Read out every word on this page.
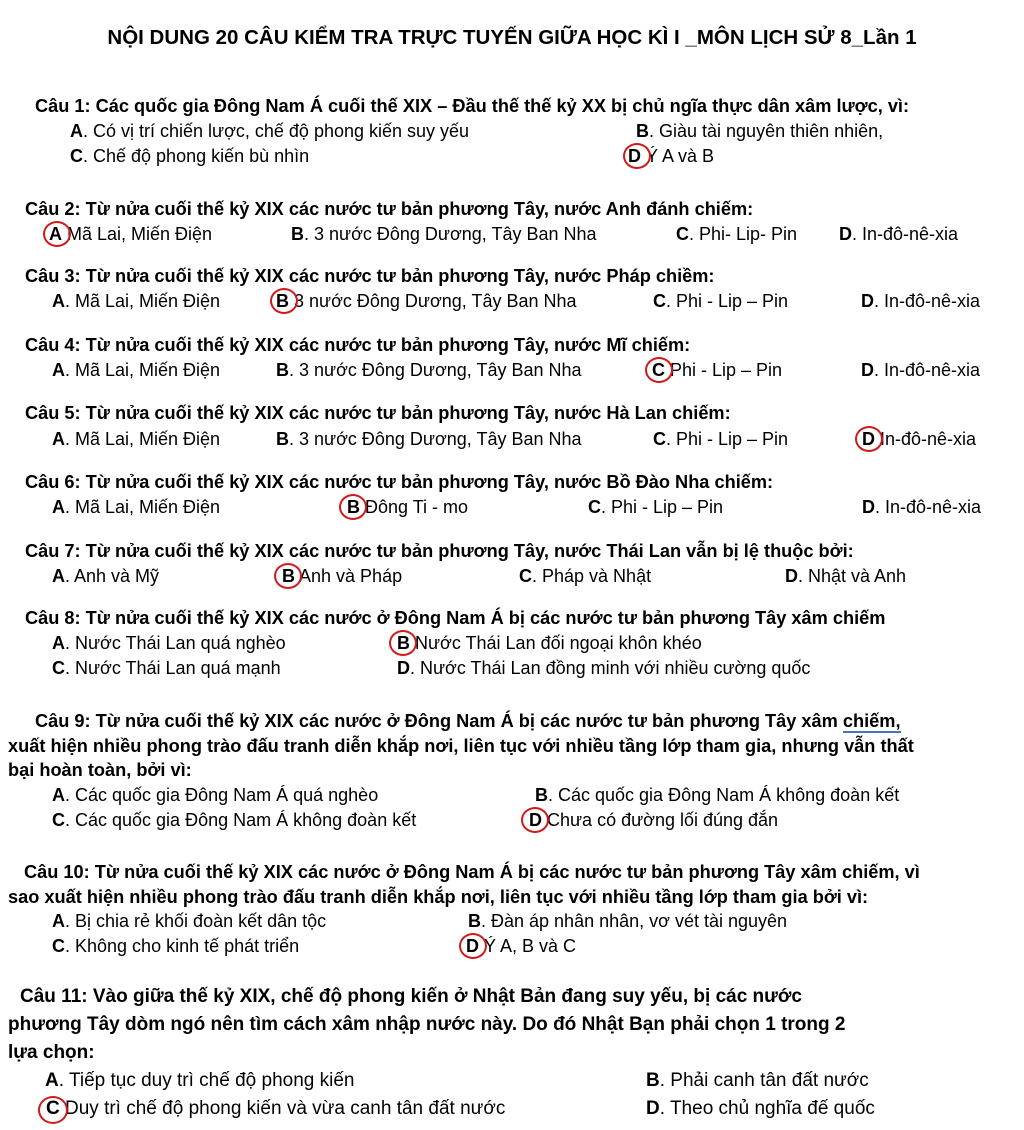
NỘI DUNG 20 CÂU KIỂM TRA TRỰC TUYẾN GIỮA HỌC KÌ I _MÔN LỊCH SỬ 8_Lần 1
Câu 1: Các quốc gia Đông Nam Á cuối thế XIX – Đầu thế thế kỷ XX bị chủ ngĩa thực dân xâm lược, vì:
A. Có vị trí chiến lược, chế độ phong kiến suy yếu	B. Giàu tài nguyên thiên nhiên,
C. Chế độ phong kiến bù nhìn	D Ý A và B
Câu 2: Từ nửa cuối thế kỷ XIX các nước tư bản phương Tây, nước Anh đánh chiếm:
A Mã Lai, Miến Điện	B. 3 nước Đông Dương, Tây Ban Nha	C. Phi- Lip- Pin D. In-đô-nê-xia
Câu 3: Từ nửa cuối thế kỷ XIX các nước tư bản phương Tây, nước Pháp chiềm:
A. Mã Lai, Miến Điện	B 3 nước Đông Dương, Tây Ban Nha	C. Phi - Lip – Pin	D. In-đô-nê-xia
Câu 4: Từ nửa cuối thế kỷ XIX các nước tư bản phương Tây, nước Mĩ chiếm:
A. Mã Lai, Miến Điện	B. 3 nước Đông Dương, Tây Ban Nha	C Phi - Lip – Pin	D. In-đô-nê-xia
Câu 5: Từ nửa cuối thế kỷ XIX các nước tư bản phương Tây, nước Hà Lan chiếm:
A. Mã Lai, Miến Điện	B. 3 nước Đông Dương, Tây Ban Nha	C. Phi - Lip – Pin	D In-đô-nê-xia
Câu 6: Từ nửa cuối thế kỷ XIX các nước tư bản phương Tây, nước Bồ Đào Nha chiếm:
A. Mã Lai, Miến Điện	B Đông Ti - mo	C. Phi - Lip – Pin	D. In-đô-nê-xia
Câu 7: Từ nửa cuối thế kỷ XIX các nước tư bản phương Tây, nước Thái Lan vẫn bị lệ thuộc bởi:
A. Anh và Mỹ	B Anh và Pháp	C. Pháp và Nhật	D. Nhật và Anh
Câu 8: Từ nửa cuối thế kỷ XIX các nước ở Đông Nam Á bị các nước tư bản phương Tây xâm chiếm
A. Nước Thái Lan quá nghèo	B Nước Thái Lan đối ngoại khôn khéo
C. Nước Thái Lan quá mạnh	D. Nước Thái Lan đồng minh với nhiều cường quốc
Câu 9: Từ nửa cuối thế kỷ XIX các nước ở Đông Nam Á bị các nước tư bản phương Tây xâm chiếm,
xuất hiện nhiều phong trào đấu tranh diễn khắp nơi, liên tục với nhiều tầng lớp tham gia, nhưng vẫn thất
bại hoàn toàn, bởi vì:
A. Các quốc gia Đông Nam Á quá nghèo	B. Các quốc gia Đông Nam Á không đoàn kết
C. Các quốc gia Đông Nam Á không đoàn kết	D Chưa có đường lối đúng đắn
Câu 10: Từ nửa cuối thế kỷ XIX các nước ở Đông Nam Á bị các nước tư bản phương Tây xâm chiếm, vì
sao xuất hiện nhiều phong trào đấu tranh diễn khắp nơi, liên tục với nhiều tầng lớp tham gia bởi vì:
A. Bị chia rẻ khối đoàn kết dân tộc	B. Đàn áp nhân nhân, vơ vét tài nguyên
C. Không cho kinh tế phát triển	D Ý A, B và C
Câu 11: Vào giữa thế kỷ XIX, chế độ phong kiến ở Nhật Bản đang suy yếu, bị các nước
phương Tây dòm ngó nên tìm cách xâm nhập nước này. Do đó Nhật Bạn phải chọn 1 trong 2
lựa chọn:
A. Tiếp tục duy trì chế độ phong kiến	B. Phải canh tân đất nước
C Duy trì chế độ phong kiến và vừa canh tân đất nước	D. Theo chủ nghĩa đế quốc
